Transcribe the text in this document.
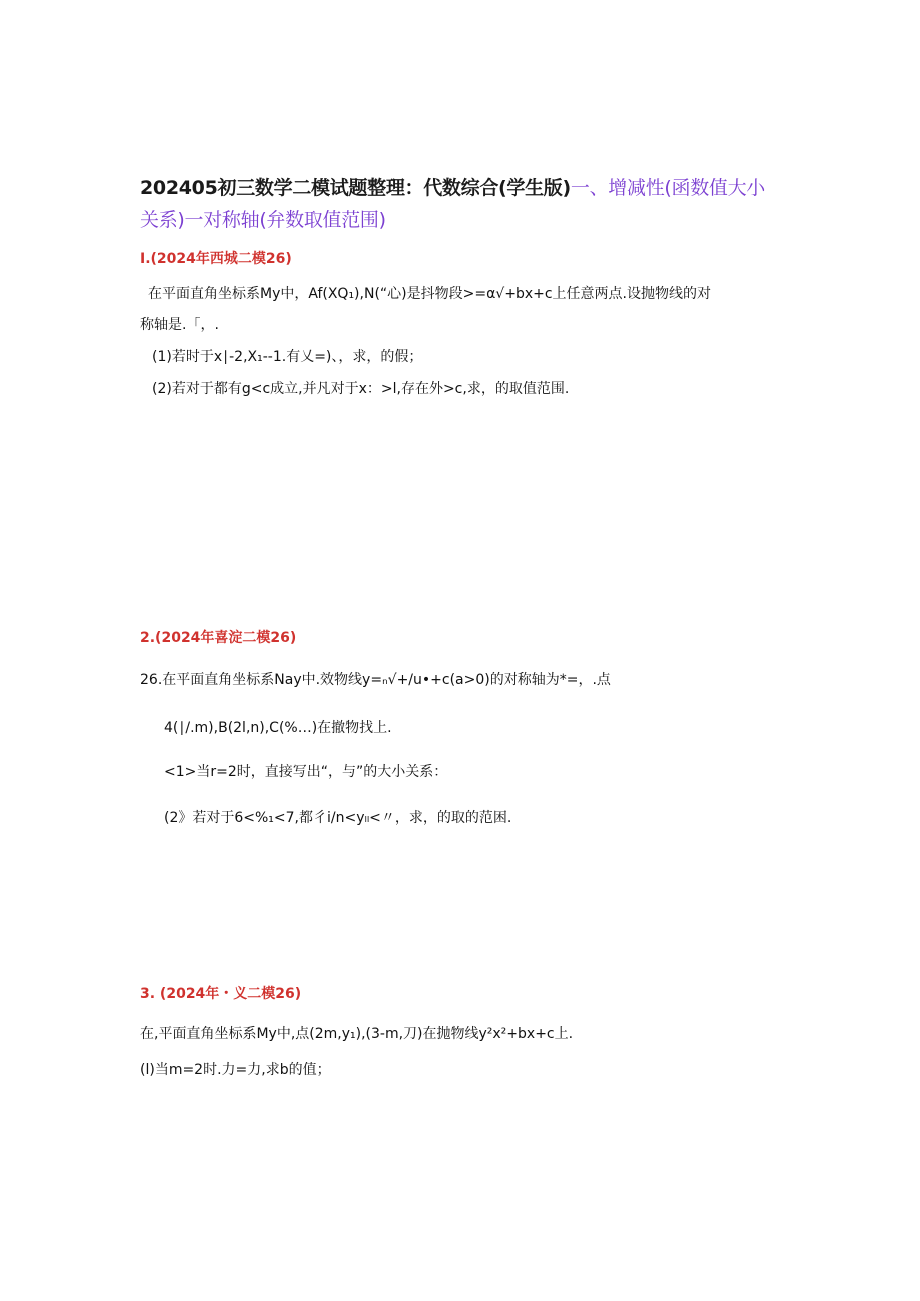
202405初三数学二模试题整理：代数综合(学生版)一、增减性(函数值大小关系)一对称轴(弁数取值范围)
I.(2024年西城二模26)
在平面直角坐标系My中，Af(XQ₁),N(“心)是抖物段>=α√+bx+c上任意两点.设抛物线的对
称轴是.「，.
(1)若时于x∣-2,X₁--1.有乂=)、，求，的假；
(2)若对于都有g<c成立,并凡对于x：>l,存在外>c,求，的取值范围.
2.(2024年喜淀二模26)
26.在平面直角坐标系Nay中.效物线y=ₙ√+/u•+c(a>0)的对称轴为*=，.点
4(∣/.m),B(2l,n),C(%…)在撤物找上.
<1>当r=2时，直接写出“，与”的大小关系：
(2》若对于6<%₁<7,都彳i/n<yₗₗ<〃，求，的取的范困.
3. (2024年・义二模26)
在,平面直角坐标系My中,点(2m,y₁),(3-m,刀)在抛物线y²x²+bx+c上.
(l)当m=2时.力=力,求b的值；
